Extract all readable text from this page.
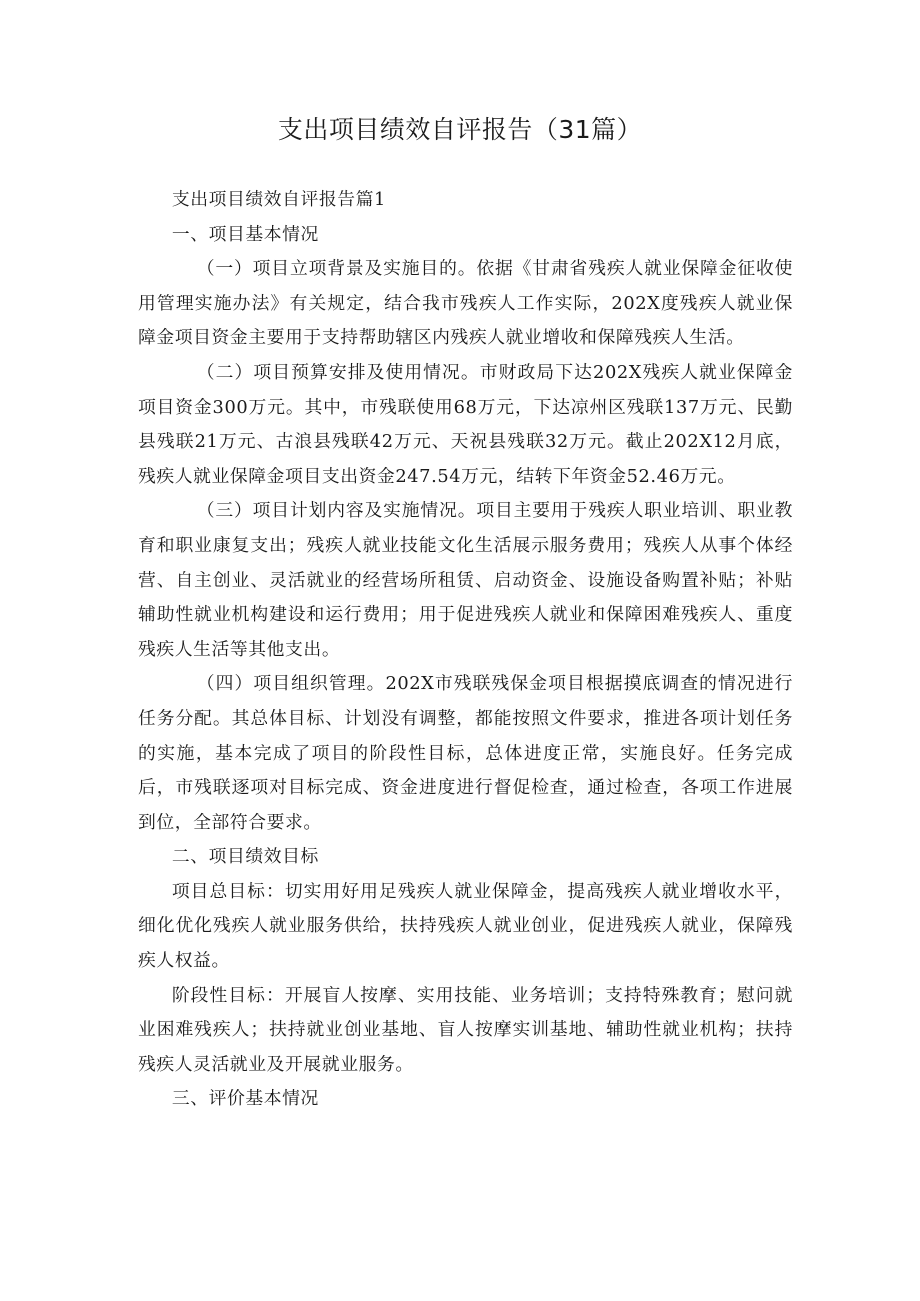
支出项目绩效自评报告（31篇）

支出项目绩效自评报告篇1

一、项目基本情况

（一）项目立项背景及实施目的。依据《甘肃省残疾人就业保障金征收使用管理实施办法》有关规定，结合我市残疾人工作实际，202X度残疾人就业保障金项目资金主要用于支持帮助辖区内残疾人就业增收和保障残疾人生活。

（二）项目预算安排及使用情况。市财政局下达202X残疾人就业保障金项目资金300万元。其中，市残联使用68万元，下达凉州区残联137万元、民勤县残联21万元、古浪县残联42万元、天祝县残联32万元。截止202X12月底，残疾人就业保障金项目支出资金247.54万元，结转下年资金52.46万元。

（三）项目计划内容及实施情况。项目主要用于残疾人职业培训、职业教育和职业康复支出；残疾人就业技能文化生活展示服务费用；残疾人从事个体经营、自主创业、灵活就业的经营场所租赁、启动资金、设施设备购置补贴；补贴辅助性就业机构建设和运行费用；用于促进残疾人就业和保障困难残疾人、重度残疾人生活等其他支出。

（四）项目组织管理。202X市残联残保金项目根据摸底调查的情况进行任务分配。其总体目标、计划没有调整，都能按照文件要求，推进各项计划任务的实施，基本完成了项目的阶段性目标，总体进度正常，实施良好。任务完成后，市残联逐项对目标完成、资金进度进行督促检查，通过检查，各项工作进展到位，全部符合要求。

二、项目绩效目标

项目总目标：切实用好用足残疾人就业保障金，提高残疾人就业增收水平，细化优化残疾人就业服务供给，扶持残疾人就业创业，促进残疾人就业，保障残疾人权益。

阶段性目标：开展盲人按摩、实用技能、业务培训；支持特殊教育；慰问就业困难残疾人；扶持就业创业基地、盲人按摩实训基地、辅助性就业机构；扶持残疾人灵活就业及开展就业服务。

三、评价基本情况
